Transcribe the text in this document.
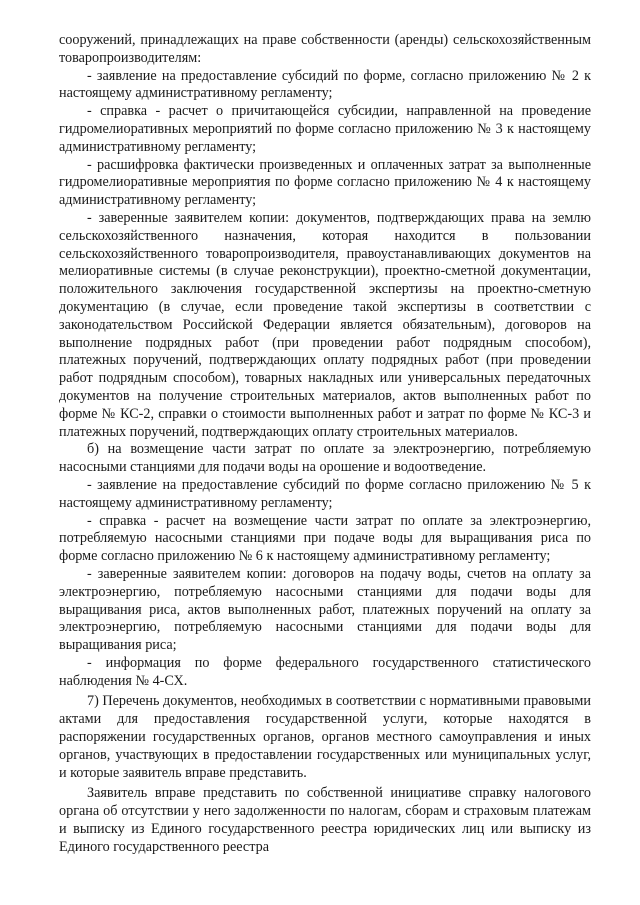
сооружений, принадлежащих на праве собственности (аренды) сельскохозяйственным товаропроизводителям:

- заявление на предоставление субсидий по форме, согласно приложению № 2 к настоящему административному регламенту;

- справка - расчет о причитающейся субсидии, направленной на проведение гидромелиоративных мероприятий по форме согласно приложению № 3 к настоящему административному регламенту;

- расшифровка фактически произведенных и оплаченных затрат за выполненные гидромелиоративные мероприятия по форме согласно приложению № 4 к настоящему административному регламенту;

- заверенные заявителем копии: документов, подтверждающих права на землю сельскохозяйственного назначения, которая находится в пользовании сельскохозяйственного товаропроизводителя, правоустанавливающих документов на мелиоративные системы (в случае реконструкции), проектно-сметной документации, положительного заключения государственной экспертизы на проектно-сметную документацию (в случае, если проведение такой экспертизы в соответствии с законодательством Российской Федерации является обязательным), договоров на выполнение подрядных работ (при проведении работ подрядным способом), платежных поручений, подтверждающих оплату подрядных работ (при проведении работ подрядным способом), товарных накладных или универсальных передаточных документов на получение строительных материалов, актов выполненных работ по форме № КС-2, справки о стоимости выполненных работ и затрат по форме № КС-3 и платежных поручений, подтверждающих оплату строительных материалов.

б) на возмещение части затрат по оплате за электроэнергию, потребляемую насосными станциями для подачи воды на орошение и водоотведение.

- заявление на предоставление субсидий по форме согласно приложению № 5 к настоящему административному регламенту;

- справка - расчет на возмещение части затрат по оплате за электроэнергию, потребляемую насосными станциями при подаче воды для выращивания риса по форме согласно приложению № 6 к настоящему административному регламенту;

- заверенные заявителем копии: договоров на подачу воды, счетов на оплату за электроэнергию, потребляемую насосными станциями для подачи воды для выращивания риса, актов выполненных работ, платежных поручений на оплату за электроэнергию, потребляемую насосными станциями для подачи воды для выращивания риса;

- информация по форме федерального государственного статистического наблюдения № 4-СХ.

7) Перечень документов, необходимых в соответствии с нормативными правовыми актами для предоставления государственной услуги, которые находятся в распоряжении государственных органов, органов местного самоуправления и иных органов, участвующих в предоставлении государственных или муниципальных услуг, и которые заявитель вправе представить.

Заявитель вправе представить по собственной инициативе справку налогового органа об отсутствии у него задолженности по налогам, сборам и страховым платежам и выписку из Единого государственного реестра юридических лиц или выписку из Единого государственного реестра
